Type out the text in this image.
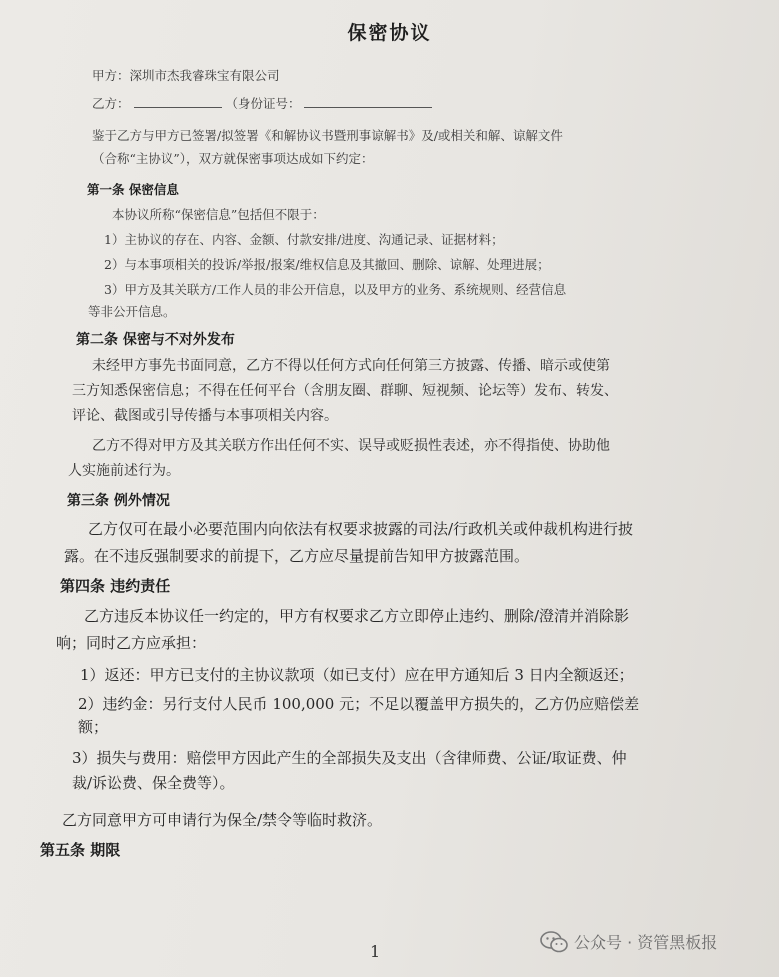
保密协议
甲方：深圳市杰我睿珠宝有限公司
乙方：	（身份证号：
鉴于乙方与甲方已签署/拟签署《和解协议书暨刑事谅解书》及/或相关和解、谅解文件
（合称“主协议”），双方就保密事项达成如下约定：
第一条 保密信息
本协议所称“保密信息”包括但不限于：
1）主协议的存在、内容、金额、付款安排/进度、沟通记录、证据材料；
2）与本事项相关的投诉/举报/报案/维权信息及其撤回、删除、谅解、处理进展；
3）甲方及其关联方/工作人员的非公开信息，以及甲方的业务、系统规则、经营信息
等非公开信息。
第二条 保密与不对外发布
未经甲方事先书面同意，乙方不得以任何方式向任何第三方披露、传播、暗示或使第
三方知悉保密信息；不得在任何平台（含朋友圈、群聊、短视频、论坛等）发布、转发、
评论、截图或引导传播与本事项相关内容。
乙方不得对甲方及其关联方作出任何不实、误导或贬损性表述，亦不得指使、协助他
人实施前述行为。
第三条 例外情况
乙方仅可在最小必要范围内向依法有权要求披露的司法/行政机关或仲裁机构进行披
露。在不违反强制要求的前提下，乙方应尽量提前告知甲方披露范围。
第四条 违约责任
乙方违反本协议任一约定的，甲方有权要求乙方立即停止违约、删除/澄清并消除影
响；同时乙方应承担：
1）返还：甲方已支付的主协议款项（如已支付）应在甲方通知后 3 日内全额返还；
2）违约金：另行支付人民币 100,000 元；不足以覆盖甲方损失的，乙方仍应赔偿差
额；
3）损失与费用：赔偿甲方因此产生的全部损失及支出（含律师费、公证/取证费、仲
裁/诉讼费、保全费等）。
乙方同意甲方可申请行为保全/禁令等临时救济。
第五条 期限
1	公众号 · 资管黑板报
